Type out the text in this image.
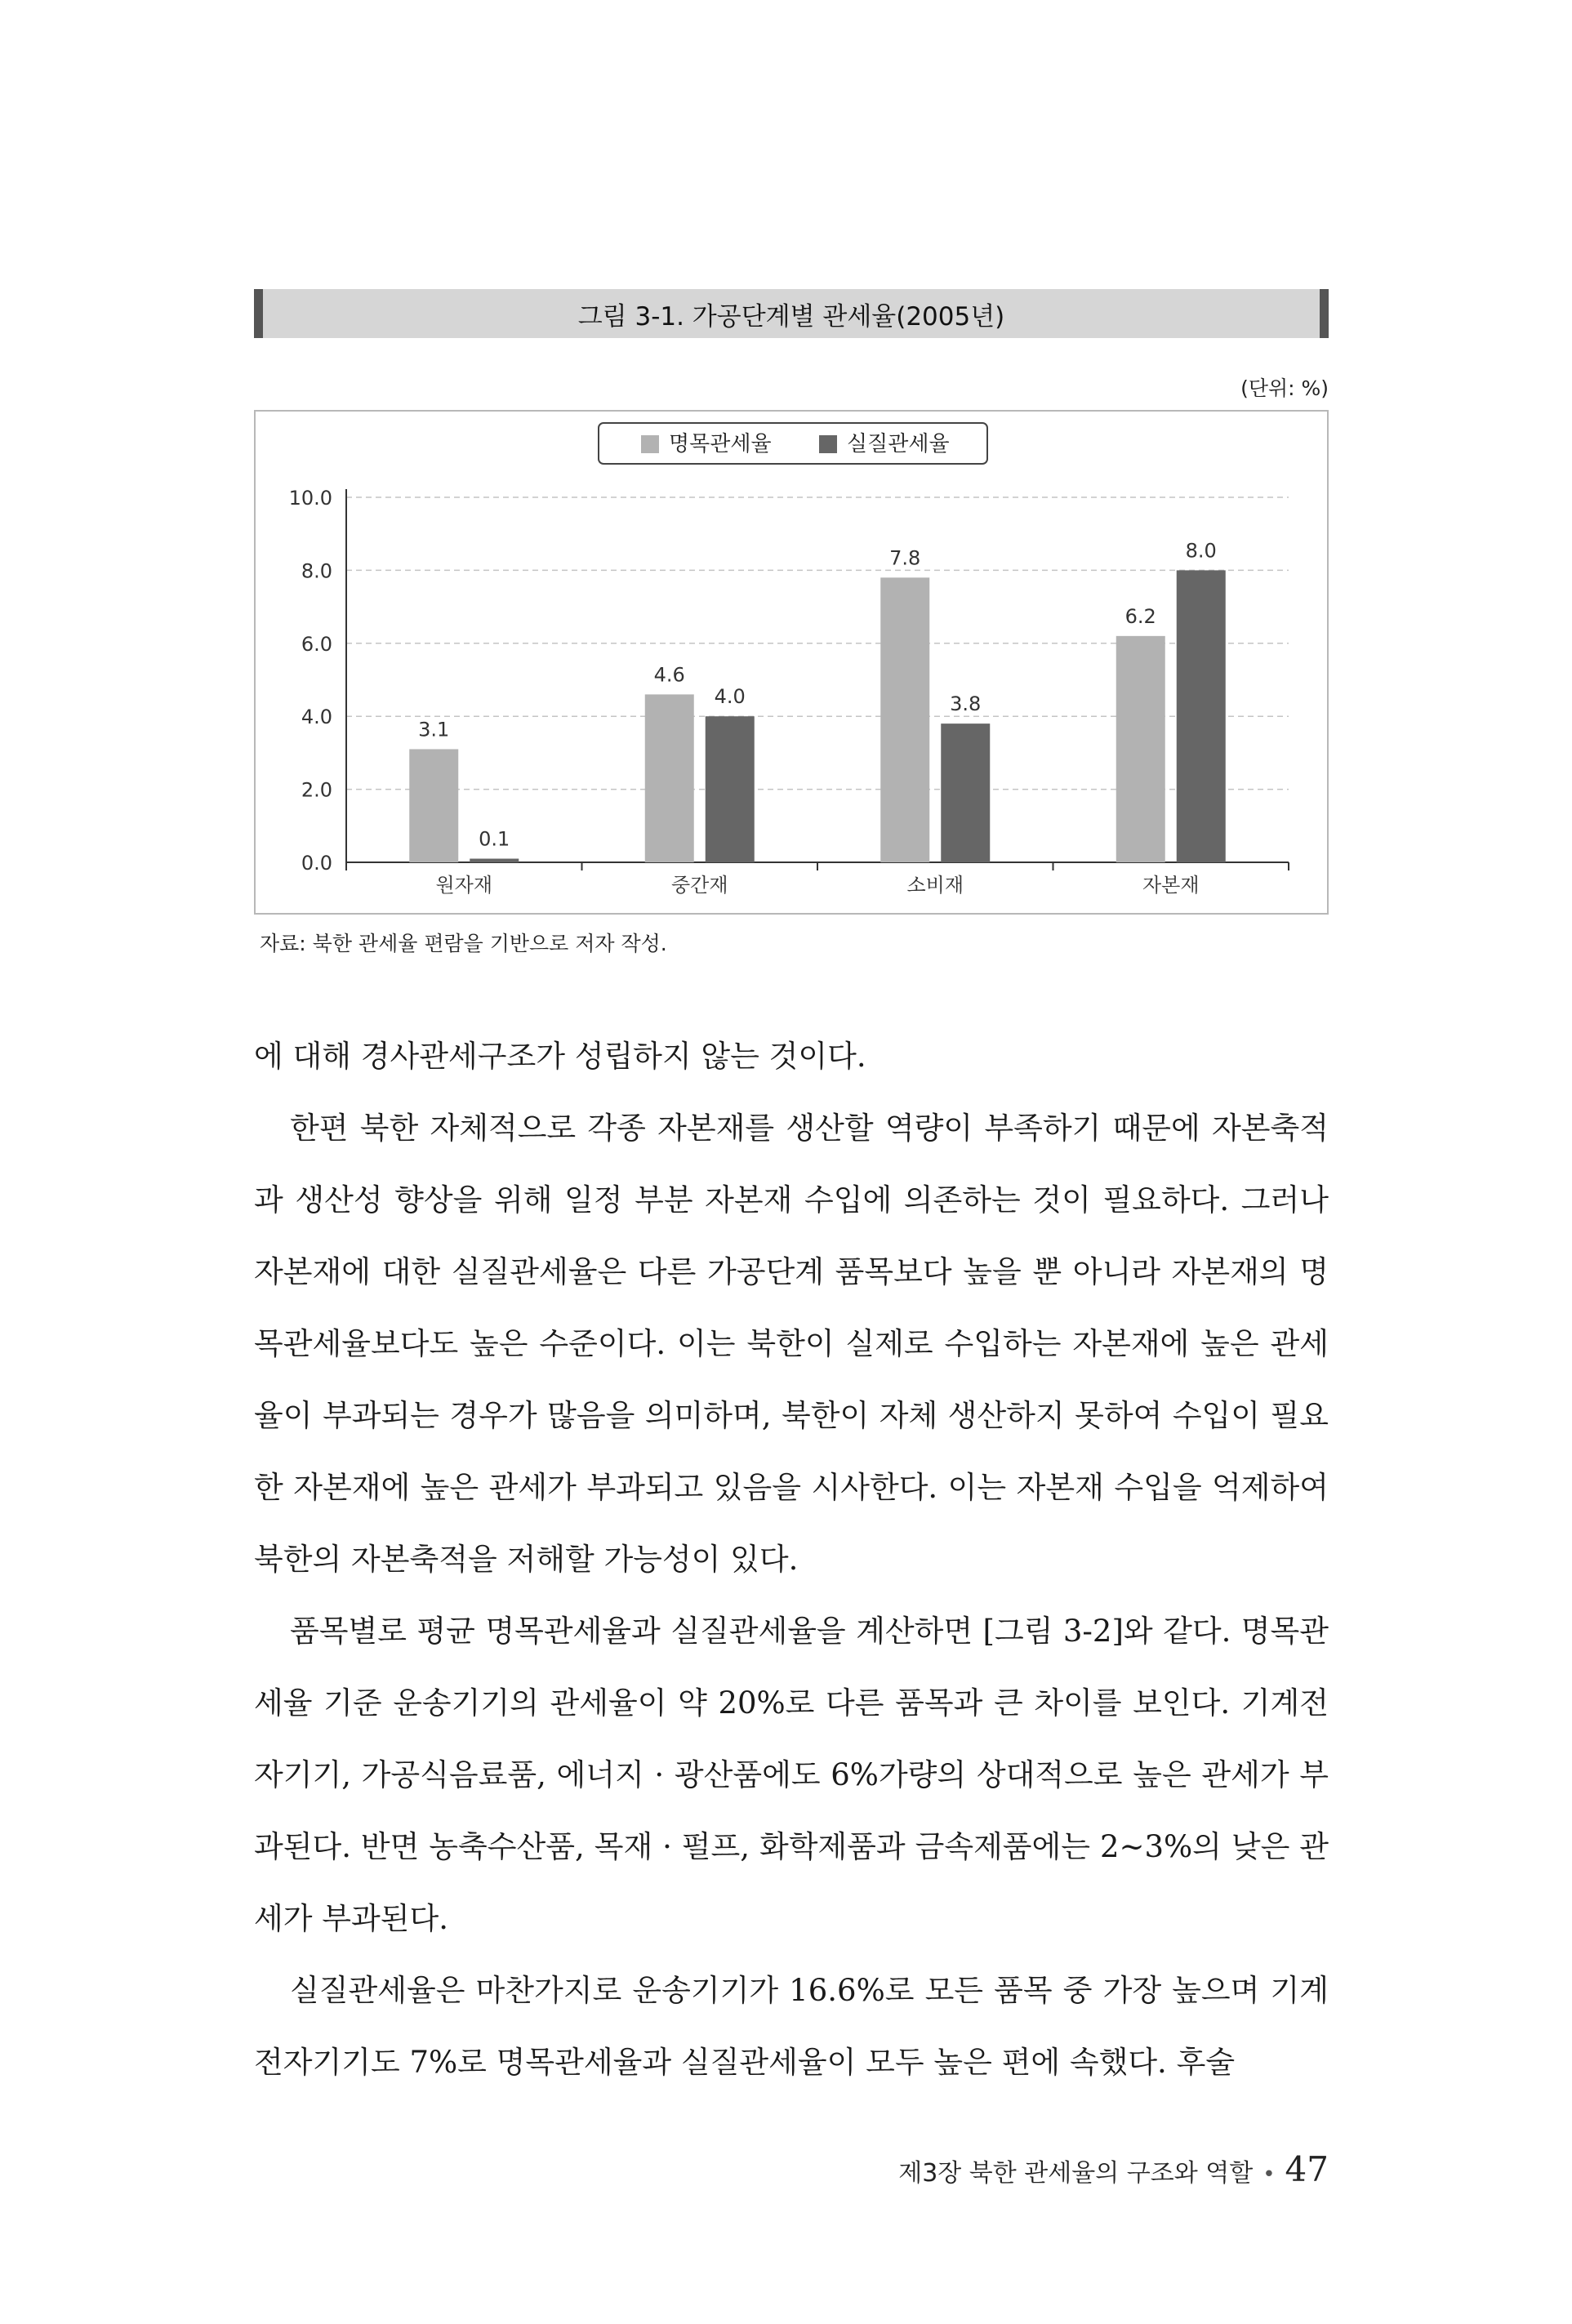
그림 3-1. 가공단계별 관세율(2005년)
(단위: %)
0.0
2.0
4.0
6.0
8.0
10.0
3.1
0.1
원자재
4.6
4.0
중간재
7.8
3.8
소비재
6.2
8.0
자본재
명목관세율	실질관세율
자료: 북한 관세율 편람을 기반으로 저자 작성.

에 대해 경사관세구조가 성립하지 않는 것이다.

한편 북한 자체적으로 각종 자본재를 생산할 역량이 부족하기 때문에 자본축적과 생산성 향상을 위해 일정 부분 자본재 수입에 의존하는 것이 필요하다. 그러나 자본재에 대한 실질관세율은 다른 가공단계 품목보다 높을 뿐 아니라 자본재의 명목관세율보다도 높은 수준이다. 이는 북한이 실제로 수입하는 자본재에 높은 관세율이 부과되는 경우가 많음을 의미하며, 북한이 자체 생산하지 못하여 수입이 필요한 자본재에 높은 관세가 부과되고 있음을 시사한다. 이는 자본재 수입을 억제하여 북한의 자본축적을 저해할 가능성이 있다.

품목별로 평균 명목관세율과 실질관세율을 계산하면 [그림 3-2]와 같다. 명목관세율 기준 운송기기의 관세율이 약 20%로 다른 품목과 큰 차이를 보인다. 기계전자기기, 가공식음료품, 에너지 · 광산품에도 6%가량의 상대적으로 높은 관세가 부과된다. 반면 농축수산품, 목재 · 펄프, 화학제품과 금속제품에는 2~3%의 낮은 관세가 부과된다.

실질관세율은 마찬가지로 운송기기가 16.6%로 모든 품목 중 가장 높으며 기계전자기기도 7%로 명목관세율과 실질관세율이 모두 높은 편에 속했다. 후술

제3장 북한 관세율의 구조와 역할 • 47
